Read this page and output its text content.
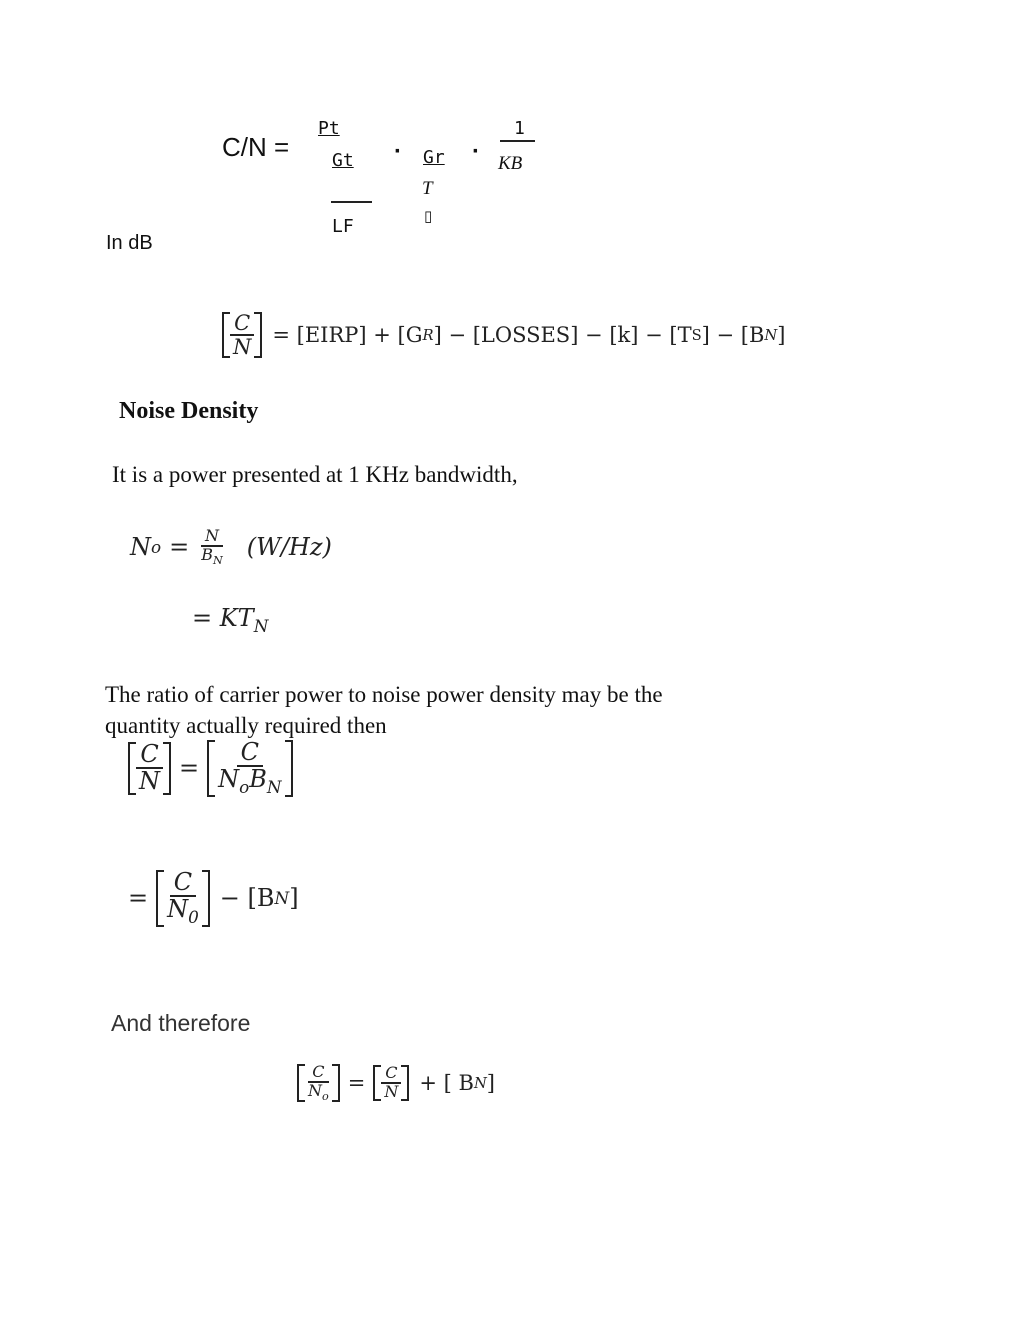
C/N =
Pt
Gt
LF
· Gr
T
▯
·
1
KB
In dB
$\frac{C}{N}$ = [EIRP] + [G R ] − [LOSSES] − [k] − [T S ] − [B N ]
Noise Density
It is a power presented at 1 KHz bandwidth,
N $o = \frac{N}{B_N} (W/Hz)$
= $KT_N$
The ratio of carrier power to noise power density may be the
quantity actually required then
$\frac{C}{N} = \frac{C}{N_oB_N}$
= $\frac{C}{N_0} - [B$ N ]
And therefore
$\frac{C}{N_o} = \frac{C}{N}$ + [ B N ]
